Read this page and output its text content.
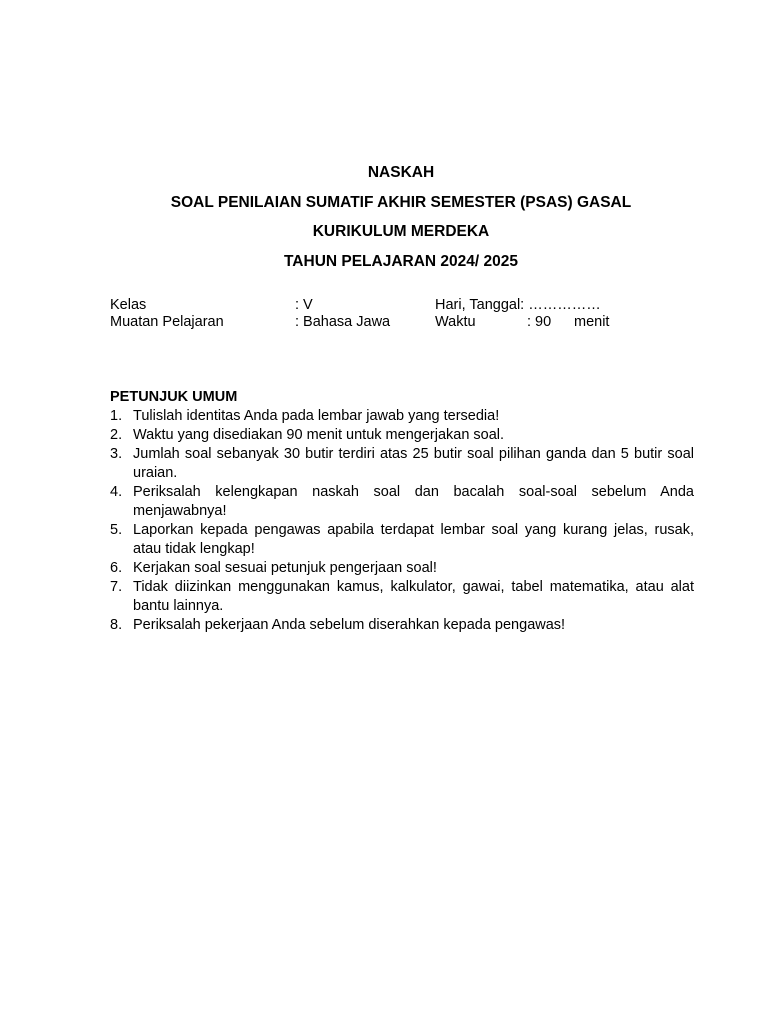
NASKAH
SOAL PENILAIAN SUMATIF AKHIR SEMESTER (PSAS) GASAL
KURIKULUM MERDEKA
TAHUN PELAJARAN 2024/ 2025
Kelas	: V	Hari, Tanggal: ……………
Muatan Pelajaran	: Bahasa Jawa	Waktu	: 90 menit
PETUNJUK UMUM
1. Tulislah identitas Anda pada lembar jawab yang tersedia!
2. Waktu yang disediakan 90 menit untuk mengerjakan soal.
3. Jumlah soal sebanyak 30 butir terdiri atas 25 butir soal pilihan ganda dan 5 butir soal uraian.
4. Periksalah kelengkapan naskah soal dan bacalah soal-soal sebelum Anda menjawabnya!
5. Laporkan kepada pengawas apabila terdapat lembar soal yang kurang jelas, rusak, atau tidak lengkap!
6. Kerjakan soal sesuai petunjuk pengerjaan soal!
7. Tidak diizinkan menggunakan kamus, kalkulator, gawai, tabel matematika, atau alat bantu lainnya.
8. Periksalah pekerjaan Anda sebelum diserahkan kepada pengawas!
